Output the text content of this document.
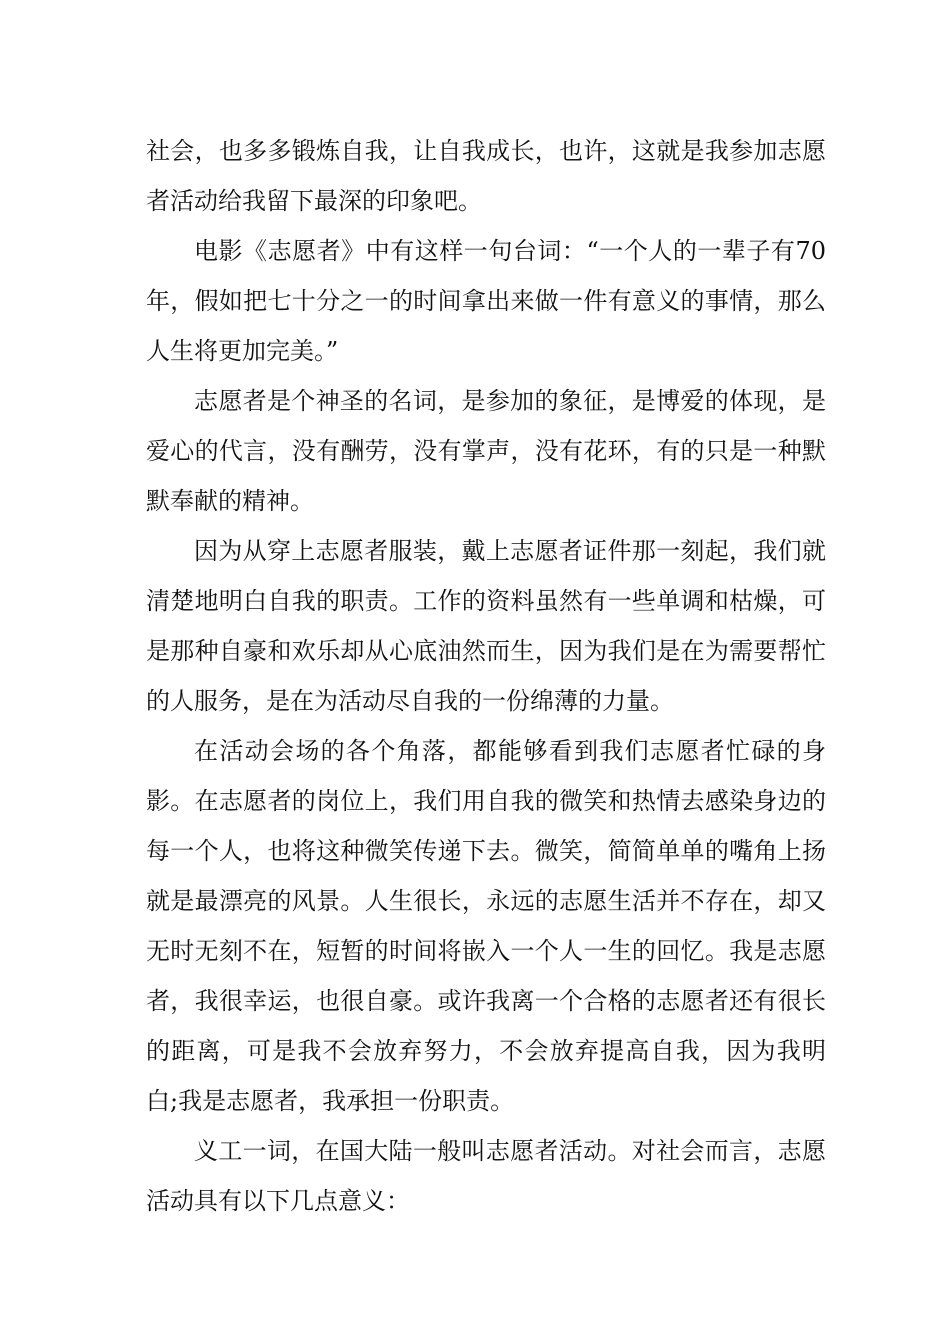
社会，也多多锻炼自我，让自我成长，也许，这就是我参加志愿者活动给我留下最深的印象吧。

电影《志愿者》中有这样一句台词：“一个人的一辈子有70年，假如把七十分之一的时间拿出来做一件有意义的事情，那么人生将更加完美。”

志愿者是个神圣的名词，是参加的象征，是博爱的体现，是爱心的代言，没有酬劳，没有掌声，没有花环，有的只是一种默默奉献的精神。

因为从穿上志愿者服装，戴上志愿者证件那一刻起，我们就清楚地明白自我的职责。工作的资料虽然有一些单调和枯燥，可是那种自豪和欢乐却从心底油然而生，因为我们是在为需要帮忙的人服务，是在为活动尽自我的一份绵薄的力量。

在活动会场的各个角落，都能够看到我们志愿者忙碌的身影。在志愿者的岗位上，我们用自我的微笑和热情去感染身边的每一个人，也将这种微笑传递下去。微笑，简简单单的嘴角上扬就是最漂亮的风景。人生很长，永远的志愿生活并不存在，却又无时无刻不在，短暂的时间将嵌入一个人一生的回忆。我是志愿者，我很幸运，也很自豪。或许我离一个合格的志愿者还有很长的距离，可是我不会放弃努力，不会放弃提高自我，因为我明白;我是志愿者，我承担一份职责。

义工一词，在国大陆一般叫志愿者活动。对社会而言，志愿活动具有以下几点意义：
